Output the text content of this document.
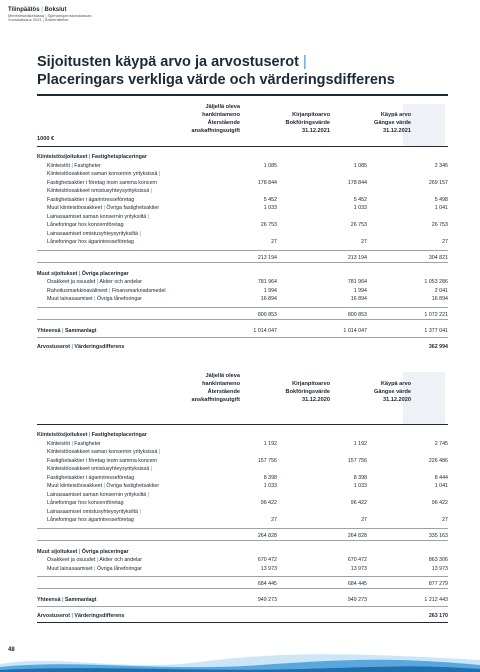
Tilinpäätös | Bokslut
Merimieseläkekassa | Sjömanspensionskassan
Vuosikatsaus 2021 | Årsberättelse
Sijoitusten käypä arvo ja arvostuserot |
Placeringars verkliga värde och värderingsdifferens
Jäljellä oleva
hankintameno
Återstående
anskaffningsutgift
Kirjanpitoarvo
Bokföringsvärde
31.12.2021
Käypä arvo
Gängse värde
31.12.2021
1000 €
Kiinteistösijoitukset | Fastighetsplaceringar
Kiinteistöt | Fastigheter	1 085	1 085	2 345
Kiinteistöosakkeet saman konsernin yrityksissä |
Fastighetsaktier i företag inom samma koncern	178 844	178 844	269 157
Kiinteistöosakkeet omistusyhteysyrityksissä |
Fastighetsaktier i ägarintresseföretag	5 452	5 452	5 498
Muut kiinteistöosakkeet | Övriga fastighetsaktier	1 033	1 033	1 041
Lainasaamiset saman konsernin yrityksiltä |
Låneforingar hos koncernföretag	26 753	26 753	26 753
Lainasaamiset omistusyhteysyrityksiltä |
Låneforingar hos ägarintresseföretag	27	27	27
213 194	213 194	304 821
Muut sijoitukset | Övriga placeringar
Osakkeet ja osuudet | Aktier och andelar	781 964	781 964	1 053 286
Rahoitusmarkkinavälineet | Finansmarknadsmedel	1 994	1 994	2 041
Muut lainasaamiset | Övriga låneforingar	16 894	16 894	16 894
800 853	800 853	1 072 221
Yhteensä | Sammanlagt	1 014 047	1 014 047	1 377 041
Arvostuserot | Värderingsdifferens	362 994
Jäljellä oleva
hankintameno
Återstående
anskaffningsutgift
Kirjanpitoarvo
Bokföringsvärde
31.12.2020
Käypä arvo
Gängse värde
31.12.2020
Kiinteistösijoitukset | Fastighetsplaceringar
Kiinteistöt | Fastigheter	1 192	1 192	2 745
Kiinteistöosakkeet saman konsernin yrityksissä |
Fastighetsaktier i företag inom samma koncern	157 756	157 756	226 486
Kiinteistöosakkeet omistusyhteysyrityksissä |
Fastighetsaktier i ägarintresseföretag	8 398	8 398	8 444
Muut kiinteistöosakkeet | Övriga fastighetsaktier	1 033	1 033	1 041
Lainasaamiset saman konsernin yrityksiltä |
Låneforingar hos koncernföretag	96 422	96 422	96 422
Lainasaamiset omistusyhteysyrityksiltä |
Låneforingar hos ägarintresseföretag	27	27	27
264 828	264 828	335 163
Muut sijoitukset | Övriga placeringar
Osakkeet ja osuudet | Aktier och andelar	670 472	670 472	863 306
Muut lainasaamiset | Övriga låneforingar	13 973	13 973	13 973
684 445	684 445	877 279
Yhteensä | Sammanlagt	949 273	949 273	1 212 443
Arvostuserot | Värderingsdifferens	263 170
48
